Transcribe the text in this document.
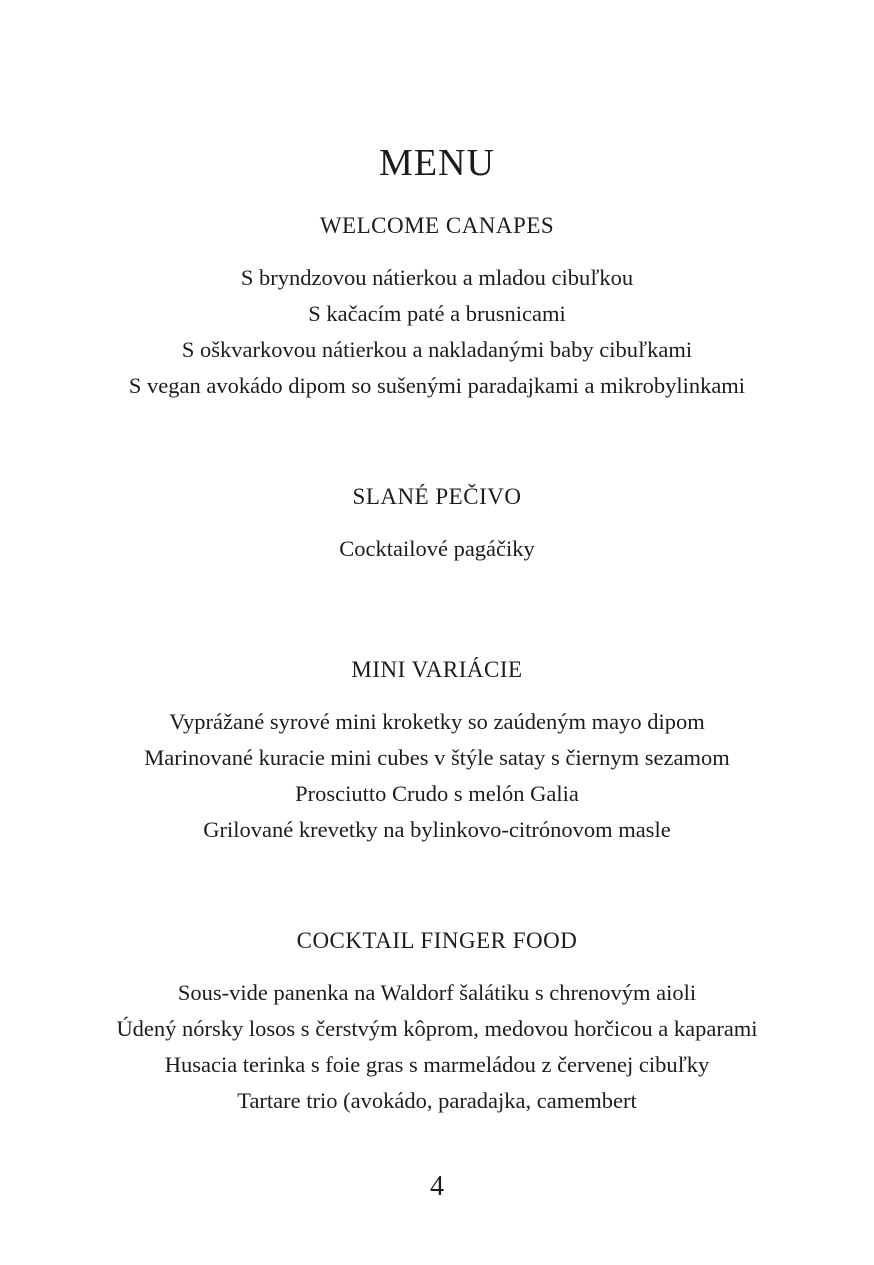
MENU
WELCOME CANAPES
S bryndzovou nátierkou a mladou cibuľkou
S kačacím paté a brusnicami
S oškvarkovou nátierkou a nakladanými baby cibuľkami
S vegan avokádo dipom so sušenými paradajkami a mikrobylinkami
SLANÉ PEČIVO
Cocktailové pagáčiky
MINI VARIÁCIE
Vyprážané syrové mini kroketky so zaúdeným mayo dipom
Marinované kuracie mini cubes v štýle satay s čiernym sezamom
Prosciutto Crudo s melón Galia
Grilované krevetky na bylinkovo-citrónovom masle
COCKTAIL FINGER FOOD
Sous-vide panenka na Waldorf šalátiku s chrenovým aioli
Údený nórsky losos s čerstvým kôprom, medovou horčicou a kaparami
Husacia terinka s foie gras s marmeládou z červenej cibuľky
Tartare trio (avokádo, paradajka, camembert
4
